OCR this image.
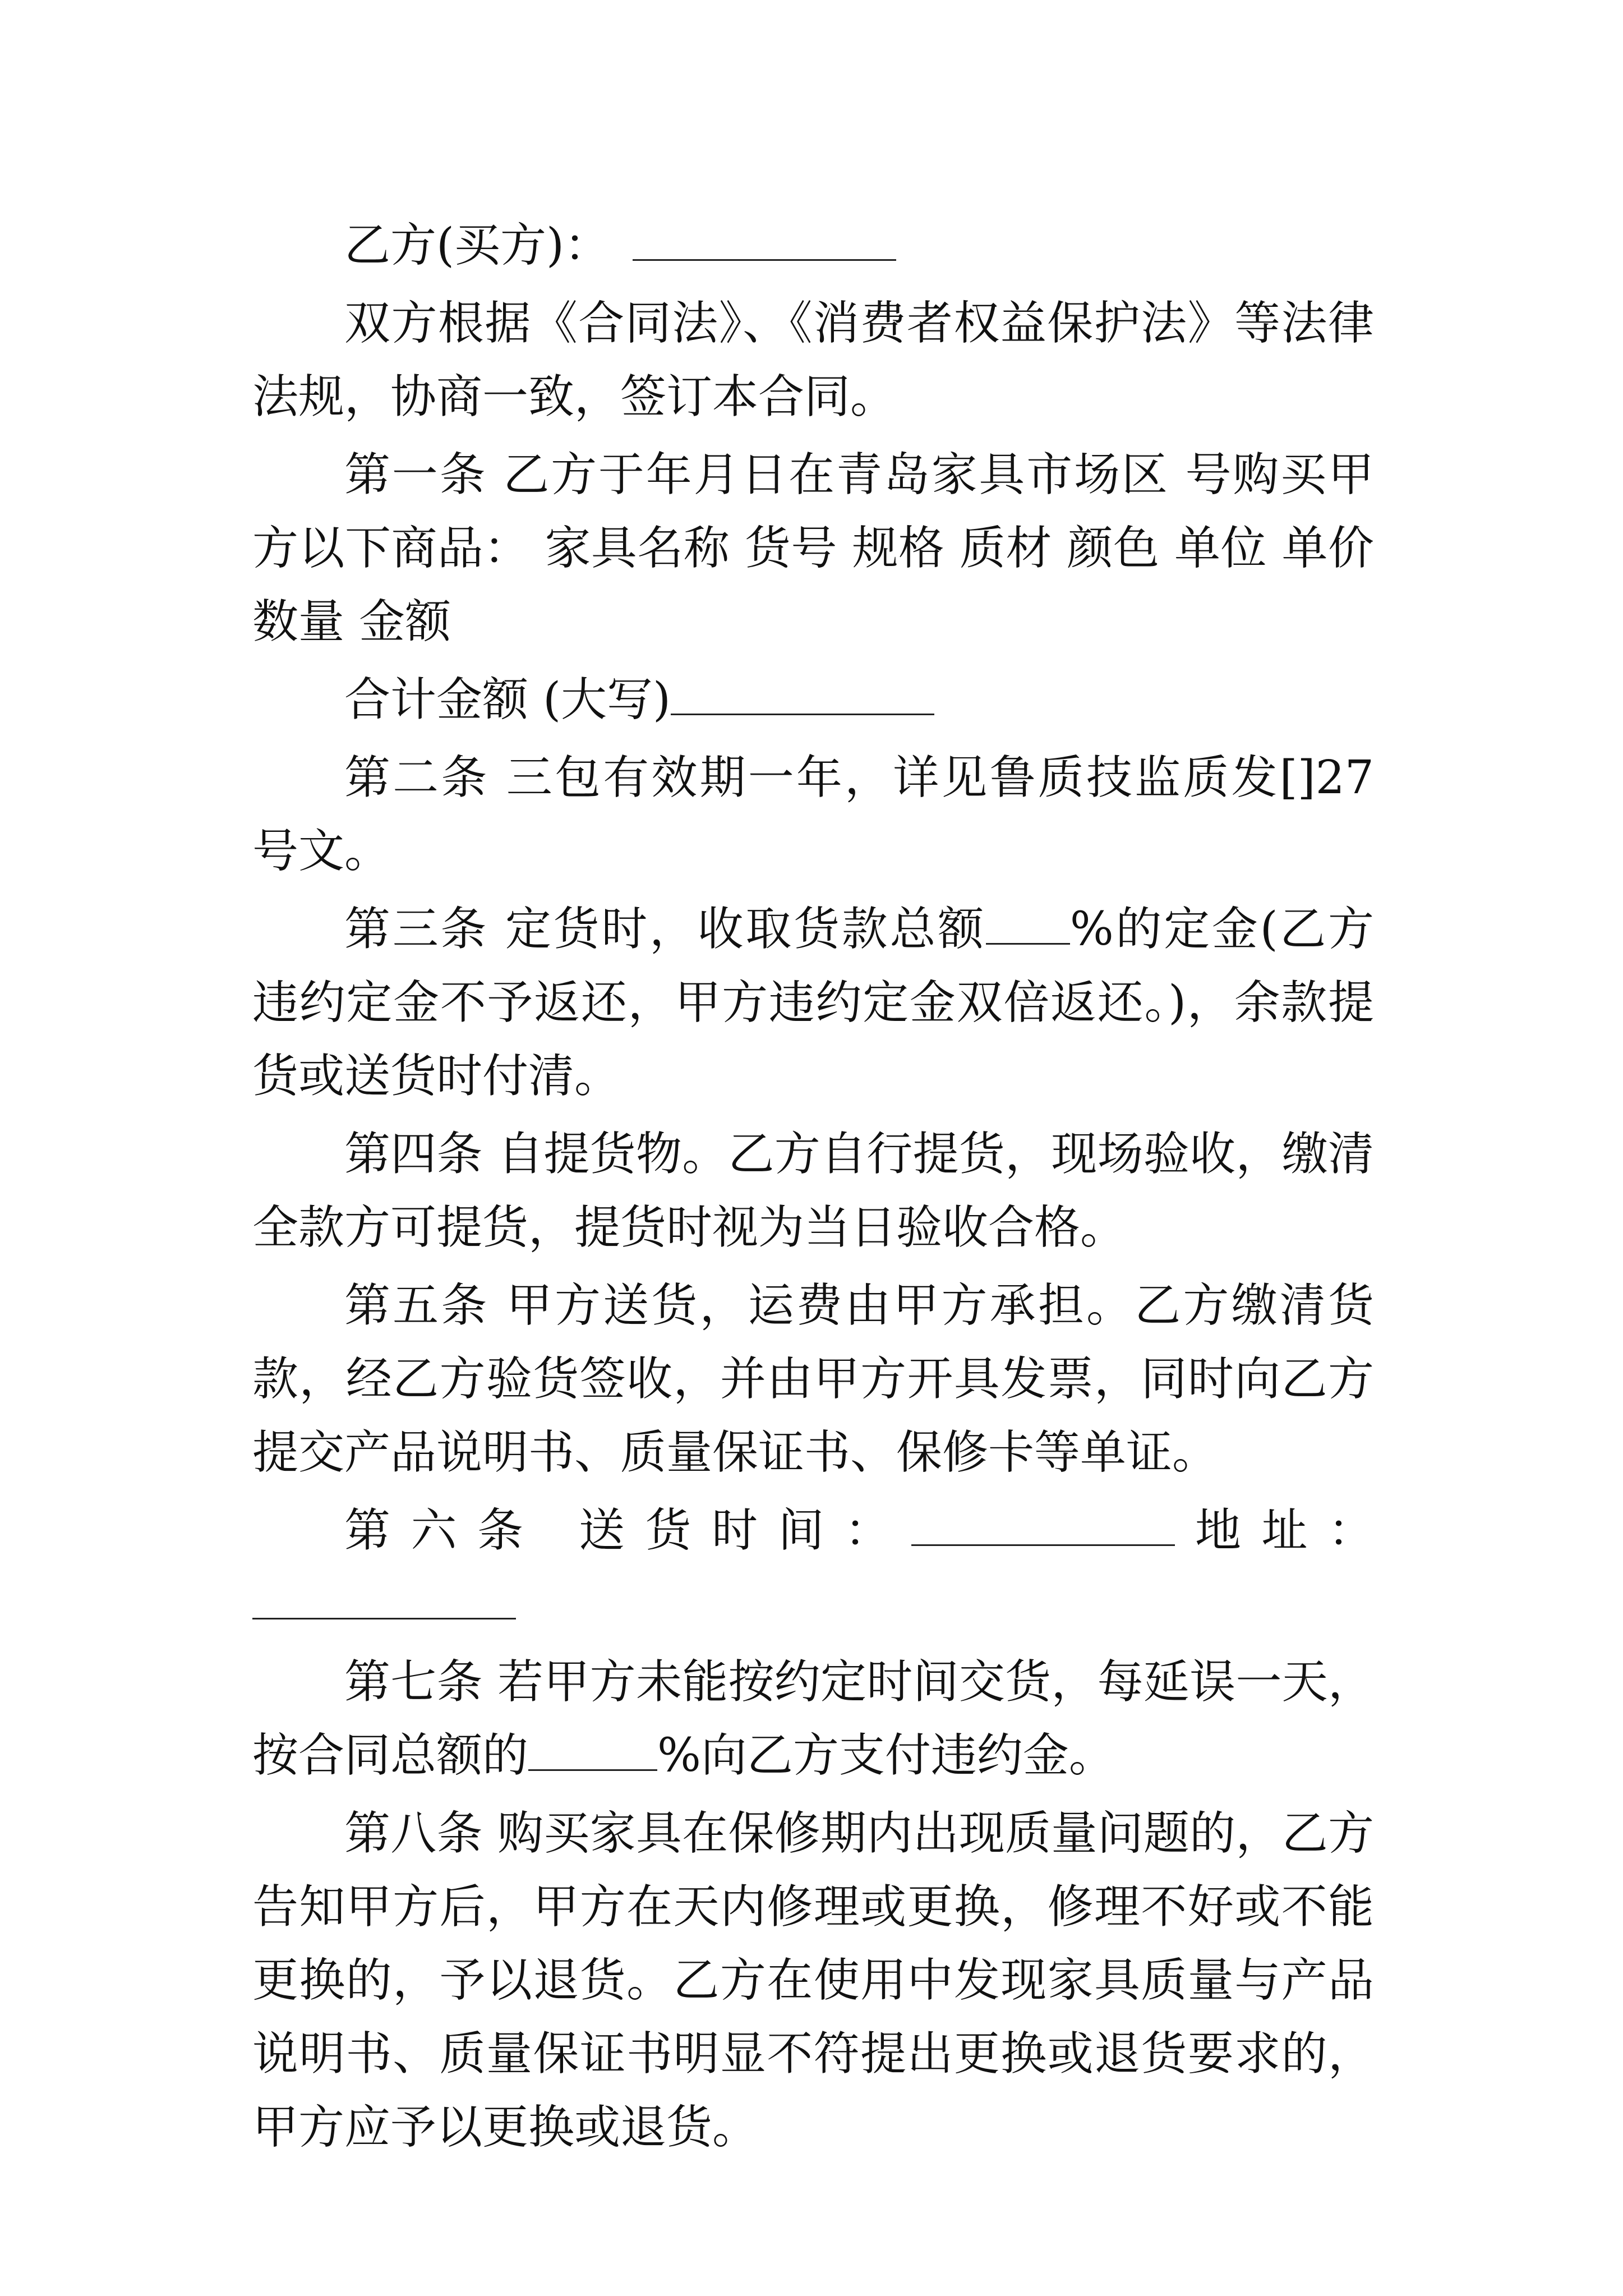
乙方(买方)：

双方根据《合同法》、《消费者权益保护法》等法律法规，协商一致，签订本合同。

第一条 乙方于年月日在青岛家具市场区 号购买甲方以下商品： 家具名称 货号 规格 质材 颜色 单位 单价 数量 金额

合计金额 (大写)

第二条 三包有效期一年，详见鲁质技监质发[]27 号文。

第三条 定货时，收取货款总额 %的定金(乙方违约定金不予返还，甲方违约定金双倍返还。)，余款提货或送货时付清。

第四条 自提货物。乙方自行提货，现场验收，缴清全款方可提货，提货时视为当日验收合格。

第五条 甲方送货，运费由甲方承担。乙方缴清货款，经乙方验货签收，并由甲方开具发票，同时向乙方提交产品说明书、质量保证书、保修卡等单证。

第六条 送货时间：	地址：

第七条 若甲方未能按约定时间交货，每延误一天，按合同总额的	%向乙方支付违约金。

第八条 购买家具在保修期内出现质量问题的，乙方告知甲方后，甲方在天内修理或更换，修理不好或不能更换的，予以退货。乙方在使用中发现家具质量与产品说明书、质量保证书明显不符提出更换或退货要求的，甲方应予以更换或退货。
